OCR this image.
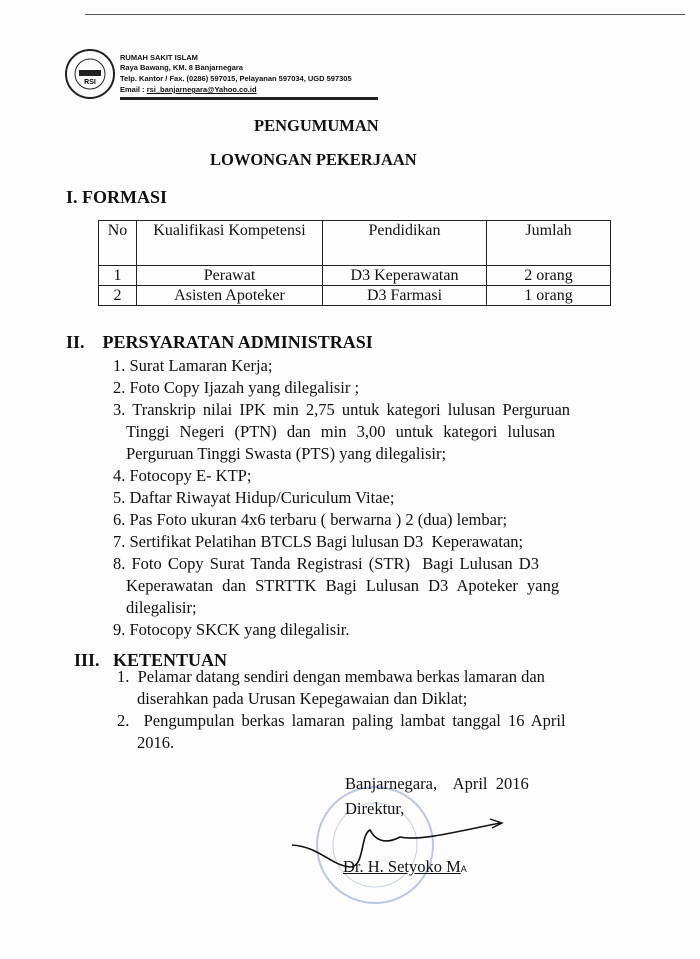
RSI
RUMAH SAKIT ISLAM
Raya Bawang, KM. 8 Banjarnegara
Telp. Kantor / Fax. (0286) 597015, Pelayanan 597034, UGD 597305
Email : rsi_banjarnegara@Yahoo.co.id
PENGUMUMAN
LOWONGAN PEKERJAAN
I. FORMASI
No	Kualifikasi Kompetensi	Pendidikan	Jumlah
1	Perawat	D3 Keperawatan	2 orang
2	Asisten Apoteker	D3 Farmasi	1 orang
II.    PERSYARATAN ADMINISTRASI
1. Surat Lamaran Kerja;
2. Foto Copy Ijazah yang dilegalisir ;
3. Transkrip nilai IPK min 2,75 untuk kategori lulusan Perguruan
Tinggi Negeri (PTN) dan min 3,00 untuk kategori lulusan
Perguruan Tinggi Swasta (PTS) yang dilegalisir;
4. Fotocopy E- KTP;
5. Daftar Riwayat Hidup/Curiculum Vitae;
6. Pas Foto ukuran 4x6 terbaru ( berwarna ) 2 (dua) lembar;
7. Sertifikat Pelatihan BTCLS Bagi lulusan D3  Keperawatan;
8. Foto Copy Surat Tanda Registrasi (STR)  Bagi Lulusan D3
Keperawatan dan STRTTK Bagi Lulusan D3 Apoteker yang
dilegalisir;
9. Fotocopy SKCK yang dilegalisir.
III.   KETENTUAN
1.  Pelamar datang sendiri dengan membawa berkas lamaran dan
diserahkan pada Urusan Kepegawaian dan Diklat;
2.  Pengumpulan berkas lamaran paling lambat tanggal 16 April
2016.
Banjarnegara,    April  2016
Direktur,
Dr. H. Setyoko MA
